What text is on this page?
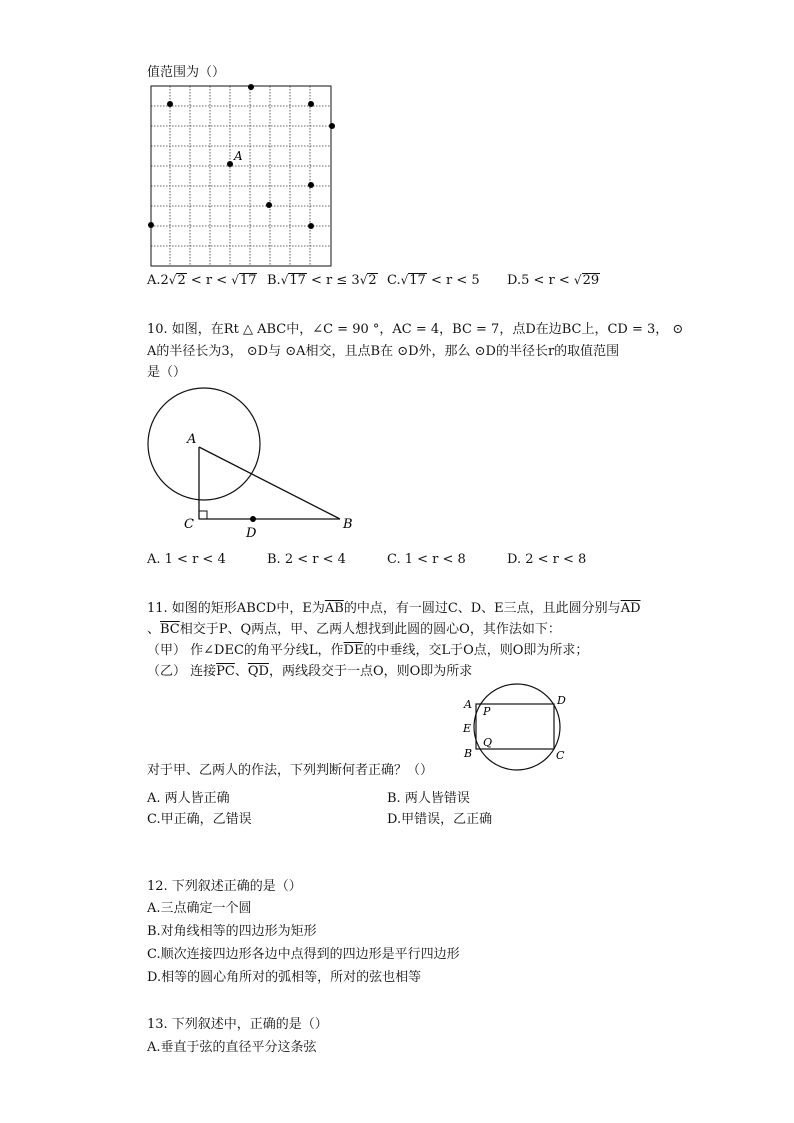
值范围为（）
A
A.2√2 < r < √17 B.√17 < r ≤ 3√2 C.√17 < r < 5 D.5 < r < √29
10. 如图，在Rt △ ABC中，∠C = 90 °，AC = 4，BC = 7，点D在边BC上，CD = 3， ⊙
A的半径长为3， ⊙D与 ⊙A相交，且点B在 ⊙D外，那么 ⊙D的半径长r的取值范围
是（）
A
C
D
B
A. 1 < r < 4	B. 2 < r < 4	C. 1 < r < 8	D. 2 < r < 8
11. 如图的矩形ABCD中，E为$\overline{AB}$的中点，有一圆过C、D、E三点，且此圆分别与$\overline{AD}$
、$\overline{BC}$相交于P、Q两点，甲、乙两人想找到此圆的圆心O，其作法如下：
（甲） 作∠DEC的角平分线L，作$\overline{DE}$的中垂线，交L于O点，则O即为所求；
（乙） 连接$\overline{PC}$、$\overline{QD}$，两线段交于一点O，则O即为所求
A
P
E
Q
B
D
C
对于甲、乙两人的作法，下列判断何者正确？（）
A. 两人皆正确	B. 两人皆错误
C.甲正确，乙错误	D.甲错误，乙正确
12. 下列叙述正确的是（）
A.三点确定一个圆
B.对角线相等的四边形为矩形
C.顺次连接四边形各边中点得到的四边形是平行四边形
D.相等的圆心角所对的弧相等，所对的弦也相等
13. 下列叙述中，正确的是（）
A.垂直于弦的直径平分这条弦
